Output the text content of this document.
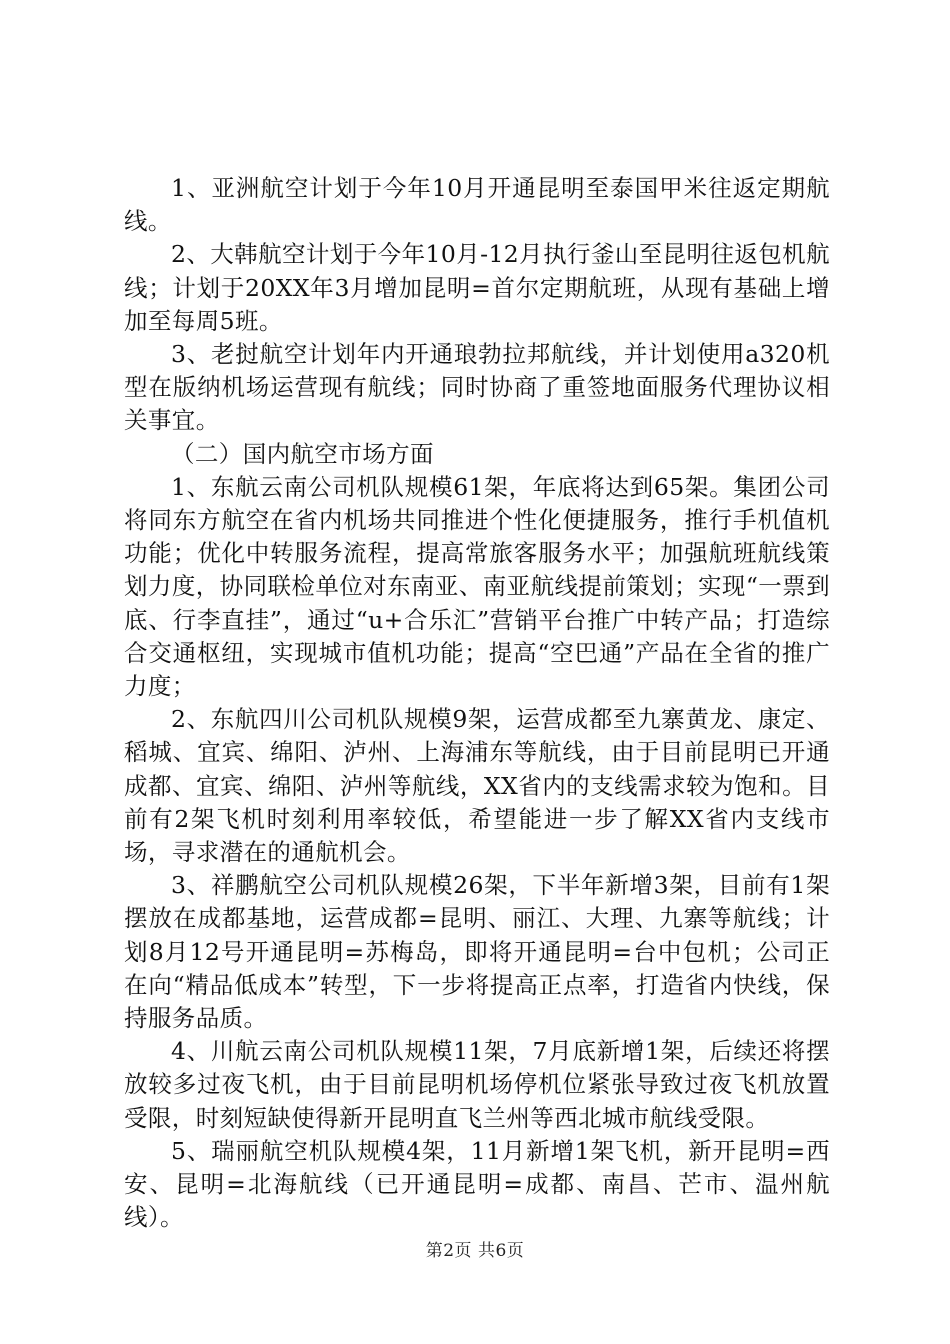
1、亚洲航空计划于今年10月开通昆明至泰国甲米往返定期航线。

2、大韩航空计划于今年10月-12月执行釜山至昆明往返包机航线；计划于20XX年3月增加昆明=首尔定期航班，从现有基础上增加至每周5班。

3、老挝航空计划年内开通琅勃拉邦航线，并计划使用a320机型在版纳机场运营现有航线；同时协商了重签地面服务代理协议相关事宜。

（二）国内航空市场方面

1、东航云南公司机队规模61架，年底将达到65架。集团公司将同东方航空在省内机场共同推进个性化便捷服务，推行手机值机功能；优化中转服务流程，提高常旅客服务水平；加强航班航线策划力度，协同联检单位对东南亚、南亚航线提前策划；实现“一票到底、行李直挂”，通过“u+合乐汇”营销平台推广中转产品；打造综合交通枢纽，实现城市值机功能；提高“空巴通”产品在全省的推广力度；

2、东航四川公司机队规模9架，运营成都至九寨黄龙、康定、稻城、宜宾、绵阳、泸州、上海浦东等航线，由于目前昆明已开通成都、宜宾、绵阳、泸州等航线，XX省内的支线需求较为饱和。目前有2架飞机时刻利用率较低，希望能进一步了解XX省内支线市场，寻求潜在的通航机会。

3、祥鹏航空公司机队规模26架，下半年新增3架，目前有1架摆放在成都基地，运营成都=昆明、丽江、大理、九寨等航线；计划8月12号开通昆明=苏梅岛，即将开通昆明=台中包机；公司正在向“精品低成本”转型，下一步将提高正点率，打造省内快线，保持服务品质。

4、川航云南公司机队规模11架，7月底新增1架，后续还将摆放较多过夜飞机，由于目前昆明机场停机位紧张导致过夜飞机放置受限，时刻短缺使得新开昆明直飞兰州等西北城市航线受限。

5、瑞丽航空机队规模4架，11月新增1架飞机，新开昆明=西安、昆明=北海航线（已开通昆明=成都、南昌、芒市、温州航线）。

第2页 共6页
